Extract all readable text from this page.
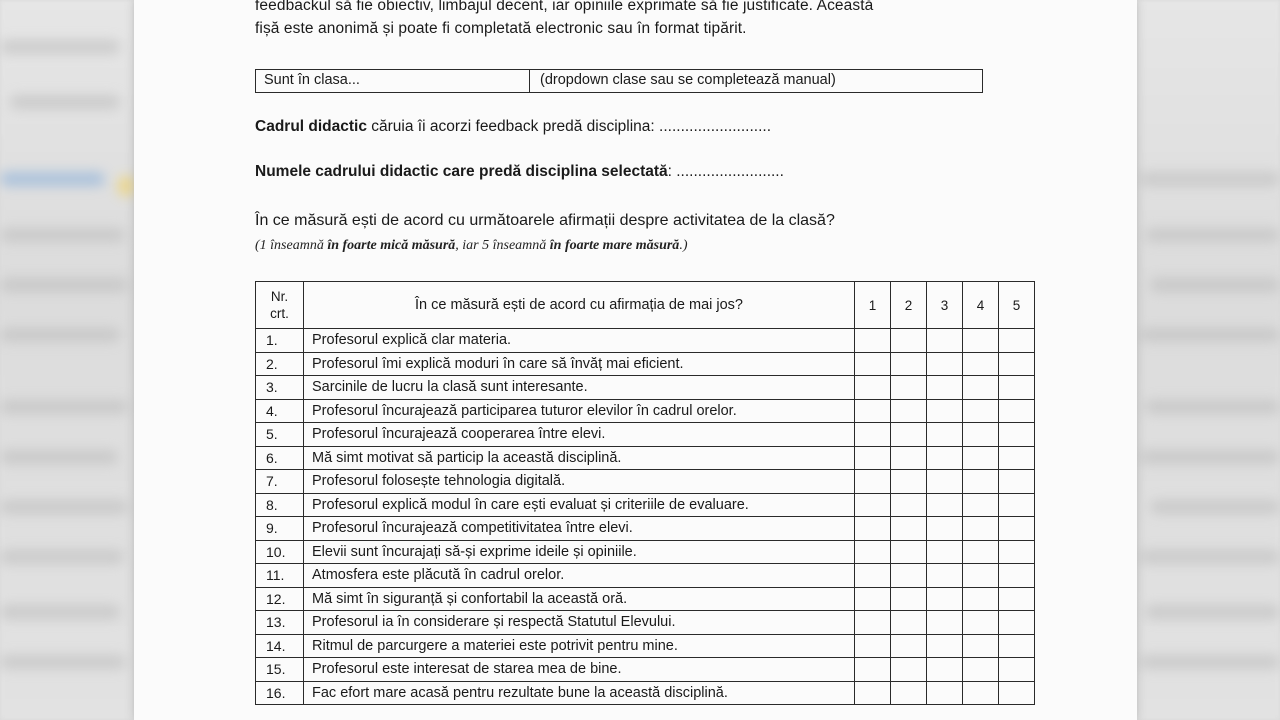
feedbackul să fie obiectiv, limbajul decent, iar opiniile exprimate să fie justificate. Această
fișă este anonimă și poate fi completată electronic sau în format tipărit.
Sunt în clasa...	(dropdown clase sau se completează manual)
Cadrul didactic căruia îi acorzi feedback predă disciplina: ..........................
Numele cadrului didactic care predă disciplina selectată: .........................
În ce măsură ești de acord cu următoarele afirmații despre activitatea de la clasă?
(1 înseamnă în foarte mică măsură, iar 5 înseamnă în foarte mare măsură.)
Nr.
crt.	În ce măsură ești de acord cu afirmația de mai jos?	1	2	3	4	5
1.	Profesorul explică clar materia.					
2.	Profesorul îmi explică moduri în care să învăț mai eficient.					
3.	Sarcinile de lucru la clasă sunt interesante.					
4.	Profesorul încurajează participarea tuturor elevilor în cadrul orelor.					
5.	Profesorul încurajează cooperarea între elevi.					
6.	Mă simt motivat să particip la această disciplină.					
7.	Profesorul folosește tehnologia digitală.					
8.	Profesorul explică modul în care ești evaluat și criteriile de evaluare.					
9.	Profesorul încurajează competitivitatea între elevi.					
10.	Elevii sunt încurajați să-și exprime ideile și opiniile.					
11.	Atmosfera este plăcută în cadrul orelor.					
12.	Mă simt în siguranță și confortabil la această oră.					
13.	Profesorul ia în considerare și respectă Statutul Elevului.					
14.	Ritmul de parcurgere a materiei este potrivit pentru mine.					
15.	Profesorul este interesat de starea mea de bine.					
16.	Fac efort mare acasă pentru rezultate bune la această disciplină.					
